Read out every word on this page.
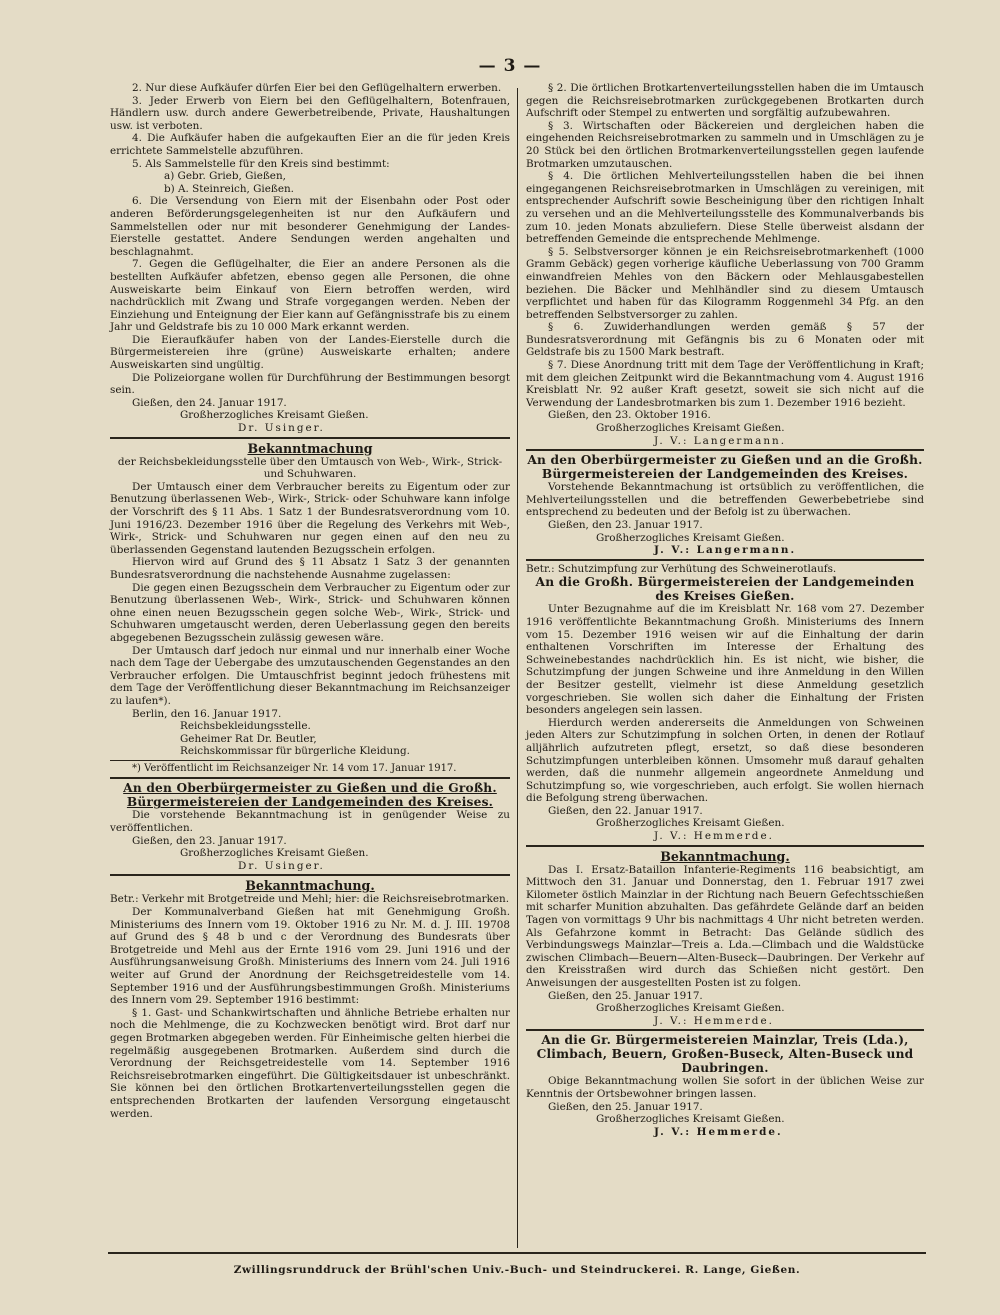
— 3 —

2. Nur diese Aufkäufer dürfen Eier bei den Geflügelhaltern erwerben.

3. Jeder Erwerb von Eiern bei den Geflügelhaltern, Botenfrauen, Händlern usw. durch andere Gewerbetreibende, Private, Haushaltungen usw. ist verboten.

4. Die Aufkäufer haben die aufgekauften Eier an die für jeden Kreis errichtete Sammelstelle abzuführen.

5. Als Sammelstelle für den Kreis sind bestimmt:

a) Gebr. Grieb, Gießen,

b) A. Steinreich, Gießen.

6. Die Versendung von Eiern mit der Eisenbahn oder Post oder anderen Beförderungsgelegenheiten ist nur den Aufkäufern und Sammelstellen oder nur mit besonderer Genehmigung der Landes-Eierstelle gestattet. Andere Sendungen werden angehalten und beschlagnahmt.

7. Gegen die Geflügelhalter, die Eier an andere Personen als die bestellten Aufkäufer abfetzen, ebenso gegen alle Personen, die ohne Ausweiskarte beim Einkauf von Eiern betroffen werden, wird nachdrücklich mit Zwang und Strafe vorgegangen werden. Neben der Einziehung und Enteignung der Eier kann auf Gefängnisstrafe bis zu einem Jahr und Geldstrafe bis zu 10 000 Mark erkannt werden.

Die Eieraufkäufer haben von der Landes-Eierstelle durch die Bürgermeistereien ihre (grüne) Ausweiskarte erhalten; andere Ausweiskarten sind ungültig.

Die Polizeiorgane wollen für Durchführung der Bestimmungen besorgt sein.

Gießen, den 24. Januar 1917.

Großherzogliches Kreisamt Gießen.

Dr. Usinger.

Bekanntmachung

der Reichsbekleidungsstelle über den Umtausch von Web-, Wirk-, Strick- und Schuhwaren.

Der Umtausch einer dem Verbraucher bereits zu Eigentum oder zur Benutzung überlassenen Web-, Wirk-, Strick- oder Schuhware kann infolge der Vorschrift des § 11 Abs. 1 Satz 1 der Bundesratsverordnung vom 10. Juni 1916/23. Dezember 1916 über die Regelung des Verkehrs mit Web-, Wirk-, Strick- und Schuhwaren nur gegen einen auf den neu zu überlassenden Gegenstand lautenden Bezugsschein erfolgen.

Hiervon wird auf Grund des § 11 Absatz 1 Satz 3 der genannten Bundesratsverordnung die nachstehende Ausnahme zugelassen:

Die gegen einen Bezugsschein dem Verbraucher zu Eigentum oder zur Benutzung überlassenen Web-, Wirk-, Strick- und Schuhwaren können ohne einen neuen Bezugsschein gegen solche Web-, Wirk-, Strick- und Schuhwaren umgetauscht werden, deren Ueberlassung gegen den bereits abgegebenen Bezugsschein zulässig gewesen wäre.

Der Umtausch darf jedoch nur einmal und nur innerhalb einer Woche nach dem Tage der Uebergabe des umzutauschenden Gegenstandes an den Verbraucher erfolgen. Die Umtauschfrist beginnt jedoch frühestens mit dem Tage der Veröffentlichung dieser Bekanntmachung im Reichsanzeiger zu laufen*).

Berlin, den 16. Januar 1917.

Reichsbekleidungsstelle.

Geheimer Rat Dr. Beutler,

Reichskommissar für bürgerliche Kleidung.

*) Veröffentlicht im Reichsanzeiger Nr. 14 vom 17. Januar 1917.

An den Oberbürgermeister zu Gießen und die Großh. Bürgermeistereien der Landgemeinden des Kreises.

Die vorstehende Bekanntmachung ist in genügender Weise zu veröffentlichen.

Gießen, den 23. Januar 1917.

Großherzogliches Kreisamt Gießen.

Dr. Usinger.

Bekanntmachung.

Betr.: Verkehr mit Brotgetreide und Mehl; hier: die Reichsreisebrotmarken.

Der Kommunalverband Gießen hat mit Genehmigung Großh. Ministeriums des Innern vom 19. Oktober 1916 zu Nr. M. d. J. III. 19708 auf Grund des § 48 b und c der Verordnung des Bundesrats über Brotgetreide und Mehl aus der Ernte 1916 vom 29. Juni 1916 und der Ausführungsanweisung Großh. Ministeriums des Innern vom 24. Juli 1916 weiter auf Grund der Anordnung der Reichsgetreidestelle vom 14. September 1916 und der Ausführungsbestimmungen Großh. Ministeriums des Innern vom 29. September 1916 bestimmt:

§ 1. Gast- und Schankwirtschaften und ähnliche Betriebe erhalten nur noch die Mehlmenge, die zu Kochzwecken benötigt wird. Brot darf nur gegen Brotmarken abgegeben werden. Für Einheimische gelten hierbei die regelmäßig ausgegebenen Brotmarken. Außerdem sind durch die Verordnung der Reichsgetreidestelle vom 14. September 1916 Reichsreisebrotmarken eingeführt. Die Gültigkeitsdauer ist unbeschränkt. Sie können bei den örtlichen Brotkartenverteilungsstellen gegen die entsprechenden Brotkarten der laufenden Versorgung eingetauscht werden.

§ 2. Die örtlichen Brotkartenverteilungsstellen haben die im Umtausch gegen die Reichsreisebrotmarken zurückgegebenen Brotkarten durch Aufschrift oder Stempel zu entwerten und sorgfältig aufzubewahren.

§ 3. Wirtschaften oder Bäckereien und dergleichen haben die eingehenden Reichsreisebrotmarken zu sammeln und in Umschlägen zu je 20 Stück bei den örtlichen Brotmarkenverteilungsstellen gegen laufende Brotmarken umzutauschen.

§ 4. Die örtlichen Mehlverteilungsstellen haben die bei ihnen eingegangenen Reichsreisebrotmarken in Umschlägen zu vereinigen, mit entsprechender Aufschrift sowie Bescheinigung über den richtigen Inhalt zu versehen und an die Mehlverteilungsstelle des Kommunalverbands bis zum 10. jeden Monats abzuliefern. Diese Stelle überweist alsdann der betreffenden Gemeinde die entsprechende Mehlmenge.

§ 5. Selbstversorger können je ein Reichsreisebrotmarkenheft (1000 Gramm Gebäck) gegen vorherige käufliche Ueberlassung von 700 Gramm einwandfreien Mehles von den Bäckern oder Mehlausgabestellen beziehen. Die Bäcker und Mehlhändler sind zu diesem Umtausch verpflichtet und haben für das Kilogramm Roggenmehl 34 Pfg. an den betreffenden Selbstversorger zu zahlen.

§ 6. Zuwiderhandlungen werden gemäß § 57 der Bundesratsverordnung mit Gefängnis bis zu 6 Monaten oder mit Geldstrafe bis zu 1500 Mark bestraft.

§ 7. Diese Anordnung tritt mit dem Tage der Veröffentlichung in Kraft; mit dem gleichen Zeitpunkt wird die Bekanntmachung vom 4. August 1916 Kreisblatt Nr. 92 außer Kraft gesetzt, soweit sie sich nicht auf die Verwendung der Landesbrotmarken bis zum 1. Dezember 1916 bezieht.

Gießen, den 23. Oktober 1916.

Großherzogliches Kreisamt Gießen.

J. V.: Langermann.

An den Oberbürgermeister zu Gießen und an die Großh. Bürgermeistereien der Landgemeinden des Kreises.

Vorstehende Bekanntmachung ist ortsüblich zu veröffentlichen, die Mehlverteilungsstellen und die betreffenden Gewerbebetriebe sind entsprechend zu bedeuten und der Befolg ist zu überwachen.

Gießen, den 23. Januar 1917.

Großherzogliches Kreisamt Gießen.

J. V.: Langermann.

Betr.: Schutzimpfung zur Verhütung des Schweinerotlaufs.

An die Großh. Bürgermeistereien der Landgemeinden des Kreises Gießen.

Unter Bezugnahme auf die im Kreisblatt Nr. 168 vom 27. Dezember 1916 veröffentlichte Bekanntmachung Großh. Ministeriums des Innern vom 15. Dezember 1916 weisen wir auf die Einhaltung der darin enthaltenen Vorschriften im Interesse der Erhaltung des Schweinebestandes nachdrücklich hin. Es ist nicht, wie bisher, die Schutzimpfung der jungen Schweine und ihre Anmeldung in den Willen der Besitzer gestellt, vielmehr ist diese Anmeldung gesetzlich vorgeschrieben. Sie wollen sich daher die Einhaltung der Fristen besonders angelegen sein lassen.

Hierdurch werden andererseits die Anmeldungen von Schweinen jeden Alters zur Schutzimpfung in solchen Orten, in denen der Rotlauf alljährlich aufzutreten pflegt, ersetzt, so daß diese besonderen Schutzimpfungen unterbleiben können. Umsomehr muß darauf gehalten werden, daß die nunmehr allgemein angeordnete Anmeldung und Schutzimpfung so, wie vorgeschrieben, auch erfolgt. Sie wollen hiernach die Befolgung streng überwachen.

Gießen, den 22. Januar 1917.

Großherzogliches Kreisamt Gießen.

J. V.: Hemmerde.

Bekanntmachung.

Das I. Ersatz-Bataillon Infanterie-Regiments 116 beabsichtigt, am Mittwoch den 31. Januar und Donnerstag, den 1. Februar 1917 zwei Kilometer östlich Mainzlar in der Richtung nach Beuern Gefechtsschießen mit scharfer Munition abzuhalten. Das gefährdete Gelände darf an beiden Tagen von vormittags 9 Uhr bis nachmittags 4 Uhr nicht betreten werden. Als Gefahrzone kommt in Betracht: Das Gelände südlich des Verbindungswegs Mainzlar—Treis a. Lda.—Climbach und die Waldstücke zwischen Climbach—Beuern—Alten-Buseck—Daubringen. Der Verkehr auf den Kreisstraßen wird durch das Schießen nicht gestört. Den Anweisungen der ausgestellten Posten ist zu folgen.

Gießen, den 25. Januar 1917.

Großherzogliches Kreisamt Gießen.

J. V.: Hemmerde.

An die Gr. Bürgermeistereien Mainzlar, Treis (Lda.), Climbach, Beuern, Großen-Buseck, Alten-Buseck und Daubringen.

Obige Bekanntmachung wollen Sie sofort in der üblichen Weise zur Kenntnis der Ortsbewohner bringen lassen.

Gießen, den 25. Januar 1917.

Großherzogliches Kreisamt Gießen.

J. V.: Hemmerde.

Zwillingsrunddruck der Brühl'schen Univ.-Buch- und Steindruckerei. R. Lange, Gießen.
